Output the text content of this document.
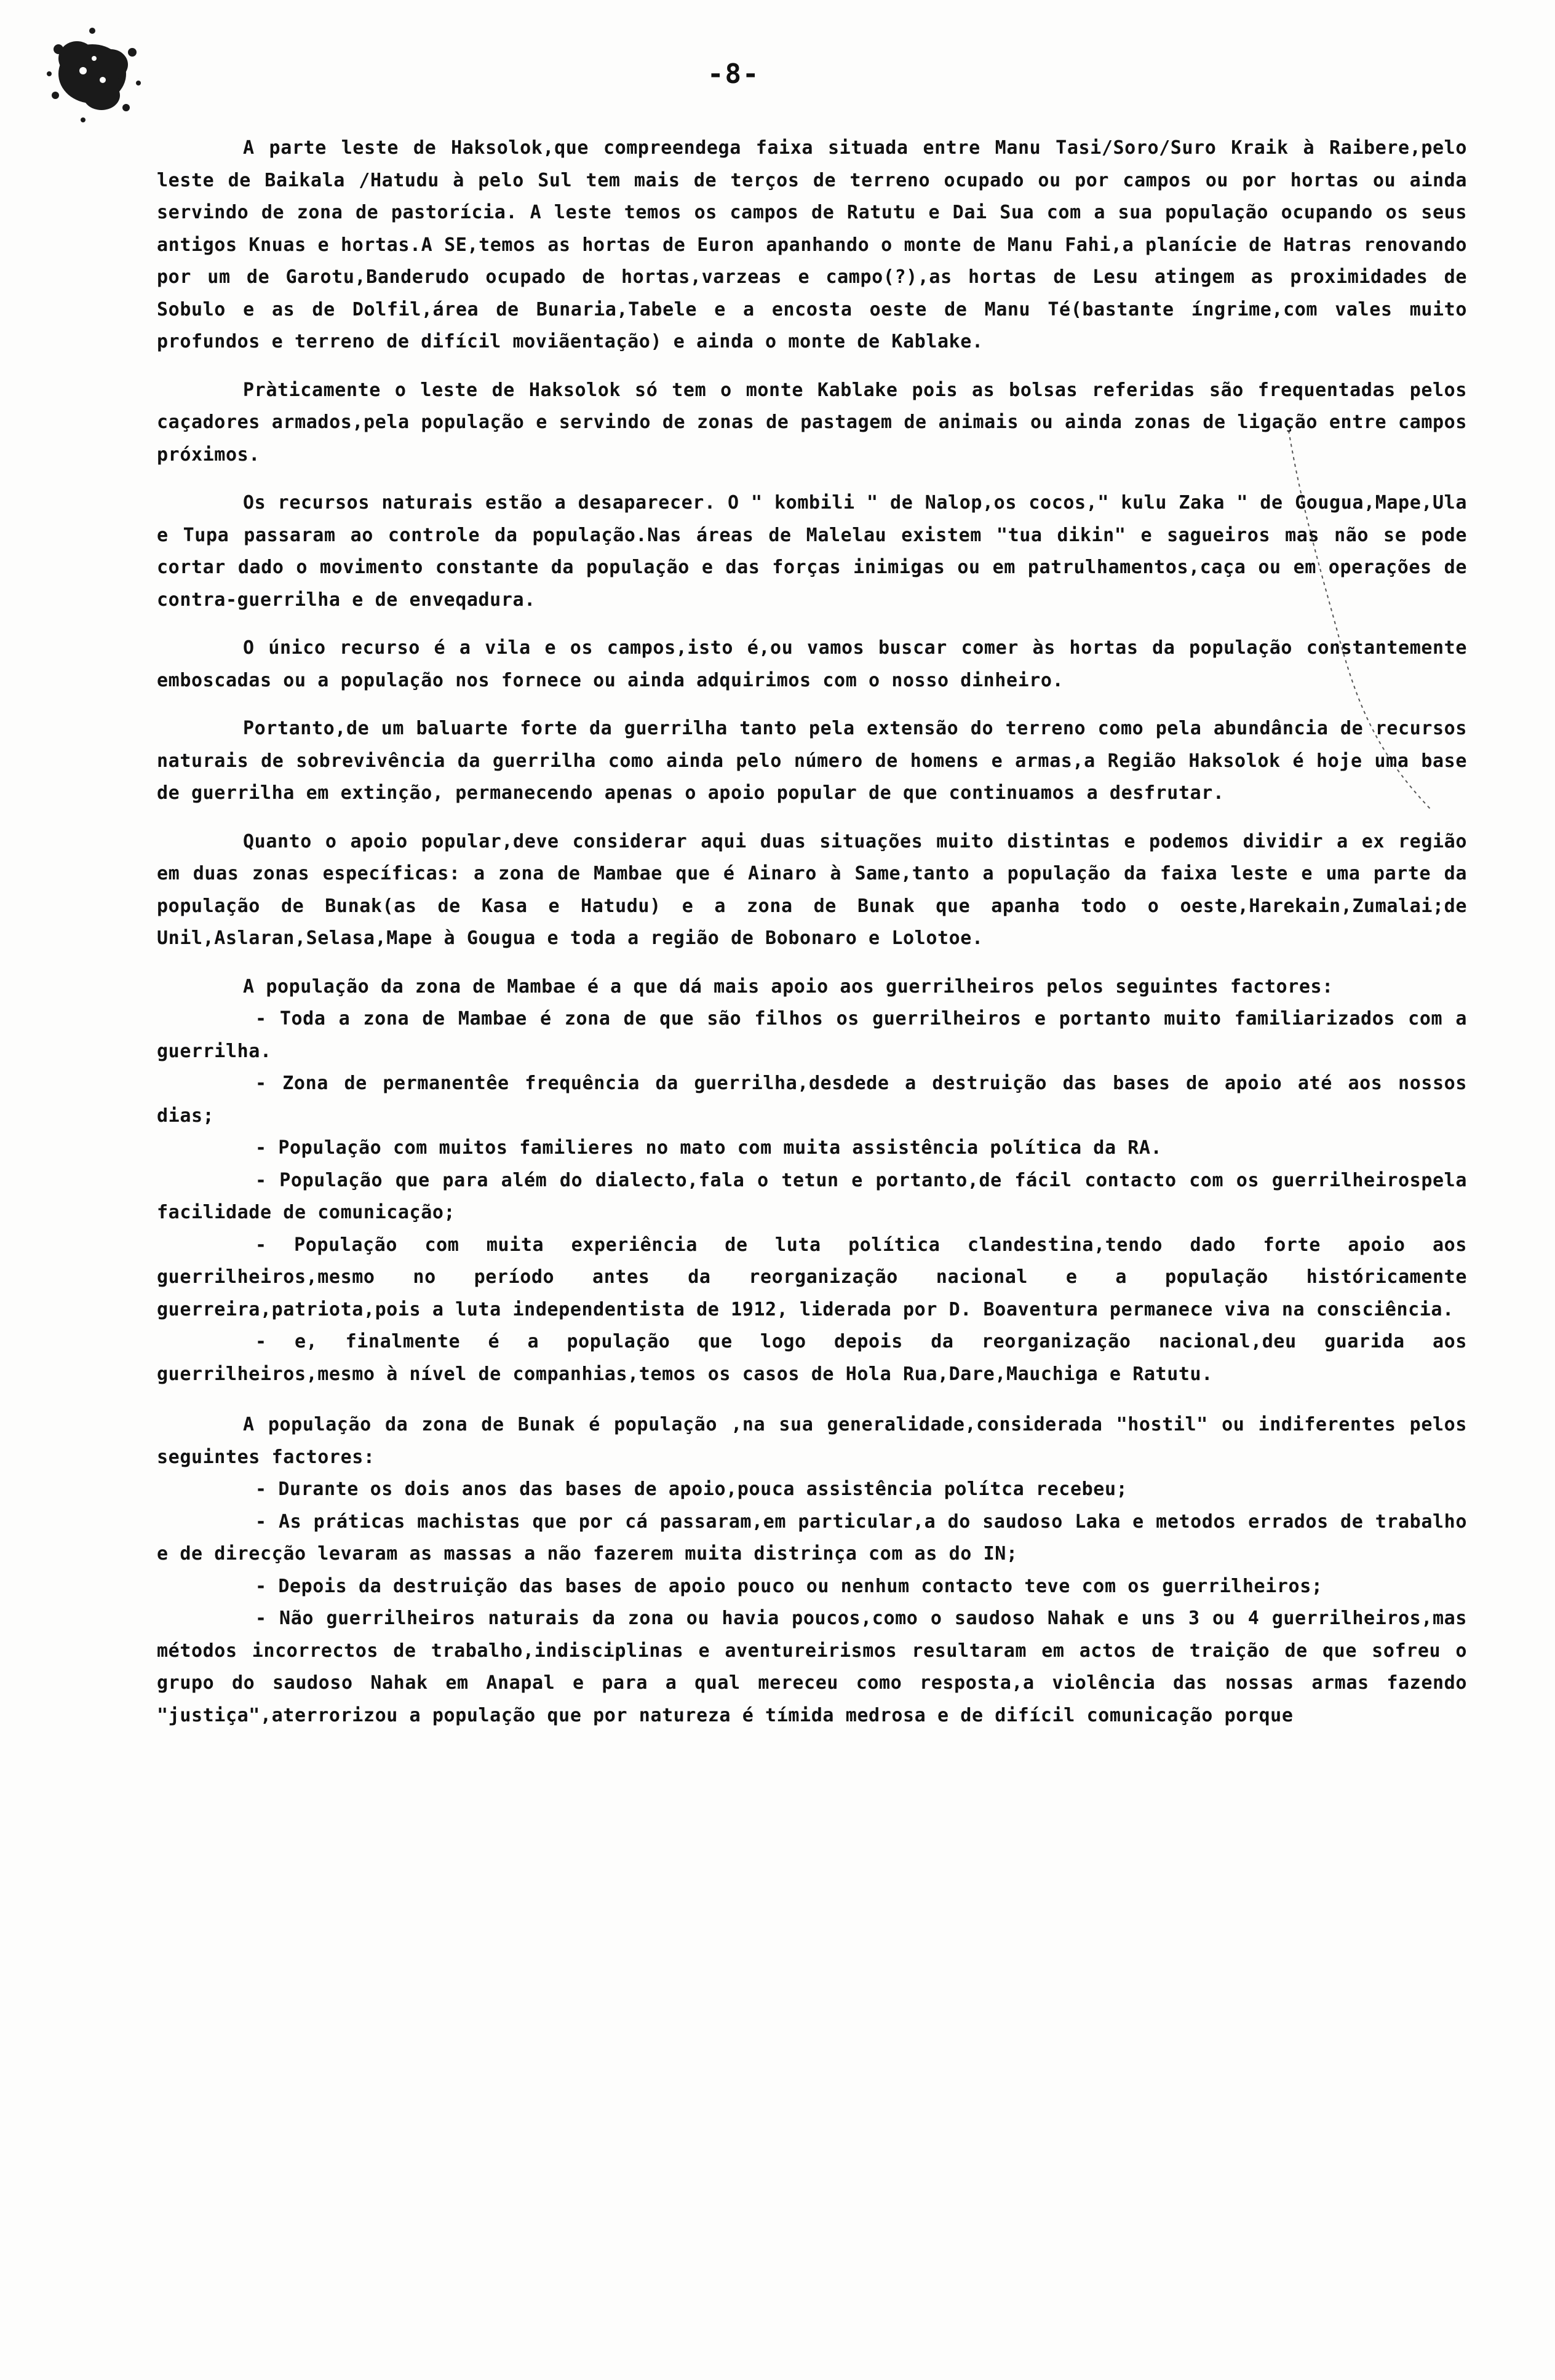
-8-

A parte leste de Haksolok,que compreendega faixa situada entre Manu Tasi/Soro/Suro Kraik à Raibere,pelo leste de Baikala /Hatudu à pelo Sul tem mais de terços de terreno ocupado ou por campos ou por hortas ou ainda servindo de zona de pastorícia. A leste temos os campos de Ratutu e Dai Sua com a sua população ocupando os seus antigos Knuas e hortas.A SE,temos as hortas de Euron apanhando o monte de Manu Fahi,a planície de Hatras renovando por um de Garotu,Banderudo ocupado de hortas,varzeas e campo(?),as hortas de Lesu atingem as proximidades de Sobulo e as de Dolfil,área de Bunaria,Tabele e a encosta oeste de Manu Té(bastante íngrime,com vales muito profundos e terreno de difícil moviãentação) e ainda o monte de Kablake.

Pràticamente o leste de Haksolok só tem o monte Kablake pois as bolsas referidas são frequentadas pelos caçadores armados,pela população e servindo de zonas de pastagem de animais ou ainda zonas de ligação entre campos próximos.

Os recursos naturais estão a desaparecer. O " kombili " de Nalop,os cocos," kulu Zaka " de Gougua,Mape,Ula e Tupa passaram ao controle da população.Nas áreas de Malelau existem "tua dikin" e sagueiros mas não se pode cortar dado o movimento constante da população e das forças inimigas ou em patrulhamentos,caça ou em operações de contra-guerrilha e de enveqadura.

O único recurso é a vila e os campos,isto é,ou vamos buscar comer às hortas da população constantemente emboscadas ou a população nos fornece ou ainda adquirimos com o nosso dinheiro.

Portanto,de um baluarte forte da guerrilha tanto pela extensão do terreno como pela abundância de recursos naturais de sobrevivência da guerrilha como ainda pelo número de homens e armas,a Região Haksolok é hoje uma base de guerrilha em extinção, permanecendo apenas o apoio popular de que continuamos a desfrutar.

Quanto o apoio popular,deve considerar aqui duas situações muito distintas e podemos dividir a ex região em duas zonas específicas: a zona de Mambae que é Ainaro à Same,tanto a população da faixa leste e uma parte da população de Bunak(as de Kasa e Hatudu) e a zona de Bunak que apanha todo o oeste,Harekain,Zumalai;de Unil,Aslaran,Selasa,Mape à Gougua e toda a região de Bobonaro e Lolotoe.

A população da zona de Mambae é a que dá mais apoio aos guerrilheiros pelos seguintes factores:

- Toda a zona de Mambae é zona de que são filhos os guerrilheiros e portanto muito familiarizados com a guerrilha.

- Zona de permanentêe frequência da guerrilha,desdede a destruição das bases de apoio até aos nossos dias;

- População com muitos familieres no mato com muita assistência política da RA.

- População que para além do dialecto,fala o tetun e portanto,de fácil contacto com os guerrilheirospela facilidade de comunicação;

- População com muita experiência de luta política clandestina,tendo dado forte apoio aos guerrilheiros,mesmo no período antes da reorganização nacional e a população históricamente guerreira,patriota,pois a luta independentista de 1912, liderada por D. Boaventura permanece viva na consciência.

- e, finalmente é a população que logo depois da reorganização nacional,deu guarida aos guerrilheiros,mesmo à nível de companhias,temos os casos de Hola Rua,Dare,Mauchiga e Ratutu.

A população da zona de Bunak é população ,na sua generalidade,considerada "hostil" ou indiferentes pelos seguintes factores:

- Durante os dois anos das bases de apoio,pouca assistência polítca recebeu;

- As práticas machistas que por cá passaram,em particular,a do saudoso Laka e metodos errados de trabalho e de direcção levaram as massas a não fazerem muita distrinça com as do IN;

- Depois da destruição das bases de apoio pouco ou nenhum contacto teve com os guerrilheiros;

- Não guerrilheiros naturais da zona ou havia poucos,como o saudoso Nahak e uns 3 ou 4 guerrilheiros,mas métodos incorrectos de trabalho,indisciplinas e aventureirismos resultaram em actos de traição de que sofreu o grupo do saudoso Nahak em Anapal e para a qual mereceu como resposta,a violência das nossas armas fazendo "justiça",aterrorizou a população que por natureza é tímida medrosa e de difícil comunicação porque
